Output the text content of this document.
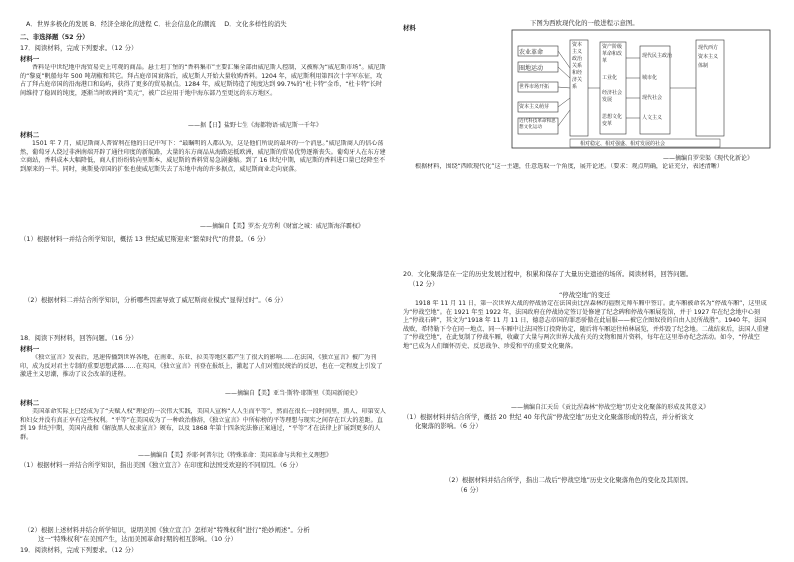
A．世界多极化的发展 B．经济全球化的进程 C．社会信息化的潮流 　D．文化多样性的消失
二、非选择题（52 分）
17．阅读材料，完成下列要求。（12 分）
材料一
香料是中世纪地中海贸易史上可观的商品。悬士坦丁堡的“香料集市”主要汇集全部由威尼斯人控制，又被称为“威尼斯市场”。威尼斯的“黎夏”帆船每年 500 吨胡椒和其它。拜占庭帝国衰落后，威尼斯人开始大量收购香料。1204 年，威尼斯利用第四次十字军东征，攻占了拜占庭帝国的沿海港口和岛屿，获得了更多的贸易据点。1284 年，威尼斯铸造了纯度达到 99.7%的“杜卡特”金币，“杜卡特”长时间维持了稳固的纯度，逐渐当时欧洲的“美元”，被广泛应用于地中海东部乃至更远的东方地区。
——据【日】盐野七生《海都物语·威尼斯一千年》
材料二
1501 年 7 月，威尼斯商人普留利在他的日记中写下：“最瞩明的人都认为，这是他们所说的最坏的一个消息。”威尼斯商人的信心荡然，葡萄牙人绕过非洲南端开辟了通往印度的新航路，大量的东方商品从海路运抵欧洲，威尼斯的贸易优势逐渐丧失。葡萄牙人在东方建立商站，香料成本大幅降低，商人们纷纷转向里斯本，威尼斯的香料贸易急剧萎缩。到了 16 世纪中期，威尼斯的香料进口量已经降至不到原来的一半。同时，奥斯曼帝国的扩张也使威尼斯失去了东地中海的许多据点，威尼斯商业走向衰落。
——摘编自【美】罗杰·克劳利《财富之城：威尼斯海洋霸权》
（1）根据材料一并结合所学知识，概括 13 世纪威尼斯迎来“繁荣时代”的背景。（6 分）
（2）根据材料二并结合所学知识，分析哪些因素导致了威尼斯商业模式“显得过时”。（6 分）
18．阅读下列材料，回答问题。（16 分）
材料一
《独立宣言》发表后，迅速传播到世界各地，在南亚、东亚、拉美等地区都产生了很大的影响……在法国，《独立宣言》被广为刊印，成为反对君主专制的重要思想武器……在英国，《独立宣言》刊登在报纸上，激起了人们对殖民统治的反思，也在一定程度上引发了激进主义思潮，推动了议会改革的进程。
——摘编自【美】亚当·斯特·耶斯里《美国新闻史》
材料二
美国革命实际上已经成为了“天赋人权”理论的一次伟大实践，美国人宣称“人人生而平等”，然而在很长一段时间里，黑人、印第安人和妇女并没有真正享有这些权利。“平等”在美国成为了一种政治修辞，《独立宣言》中所标榜的平等理想与现实之间存在巨大的差距。直到 19 世纪中期，美国内战和《解放黑人奴隶宣言》颁布，以及 1868 年第十四条宪法修正案通过，“平等”才在法律上扩展到更多的人群。
——摘编自【美】乔耶·阿普尔比《特殊革命：美国革命与共和主义理想》
（1）根据材料一并结合所学知识，指出美国《独立宣言》在印度和法国受欢迎的不同原因。（6 分）
（2）根据上述材料并结合所学知识，说明美国《独立宣言》怎样对“特殊权利”进行“绝妙阐述”。分析
这一“特殊权利”在美国产生，达而美国革命时期的相互影响。（10 分）
19．阅读材料，完成下列要求。（12 分）
材料
下图为西欧现代化的一般进程示意图。
农业革命
圈地运动
世界市场开拓
资本主义萌芽
近代科技革命和思想文化运动
资本主义政治关系和经济关系
资产阶级革命和改革
工业化
经济社会发展
思想文化变革
现代民主政治
城市化
现代社会
人文主义
现代西方资本主义体制
相对稳定、相对强盛、相对发展的社会
——摘编自罗荣渠《现代化新论》
根据材料，围绕“西欧现代化”这一主题，任意选取一个角度，展开论述。（要求：观点明确，论证充分，表述清晰）
20．文化聚落是在一定的历史发展过程中，积累和保存了大量历史遗迹的场所。阅读材料，回答问题。
（12 分）
“停战空地”的变迁
1918 年 11 月 11 日，第一次世界大战的停战协定在法国贡比涅森林的福煦元帅车厢中签订。此车厢被命名为“停战车厢”，这里成为“停战空地”。在 1921 年至 1922 年，法国政府在停战协定签订处修建了纪念碑和停战车厢展览馆，并于 1927 年在纪念地中心刻上“停战石碑”，其文为“1918 年 11 月 11 日，德意志帝国的罪恶骄傲在此屈服——被它企图奴役的自由人民所战胜”。1940 年，法国战败，希特勒下令在同一地点、同一车厢中让法国签订投降协定，随后将车厢运往柏林展览，并炸毁了纪念地。二战结束后，法国人重建了“停战空地”，在此复制了停战车厢，收藏了大量与两次世界大战有关的文物和图片资料，每年在这里举办纪念活动。如今，“停战空地”已成为人们缅怀历史、反思战争、珍爱和平的重要文化聚落。
——摘编自江天岳《贡比涅森林“停战空地”历史文化聚落的形成及其意义》
（1）根据材料并结合所学，概括 20 世纪 40 年代前“停战空地”历史文化聚落形成的特点，并分析该文
化聚落的影响。（6 分）
（2）根据材料并结合所学，指出二战后“停战空地”历史文化聚落角色的变化及其原因。
（6 分）
